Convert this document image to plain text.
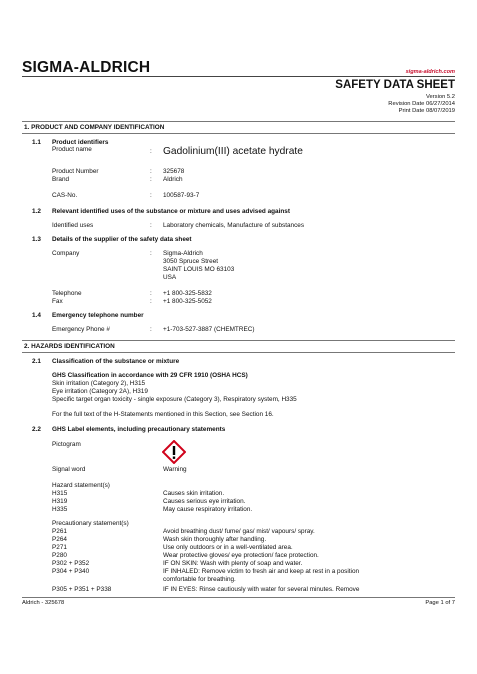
SIGMA-ALDRICH	sigma-aldrich.com
SAFETY DATA SHEET
Version 5.2
Revision Date 06/27/2014
Print Date 08/07/2019
1. PRODUCT AND COMPANY IDENTIFICATION
1.1 Product identifiers
Product name	: Gadolinium(III) acetate hydrate
Product Number	: 325678
Brand	: Aldrich
CAS-No.	: 100587-93-7
1.2 Relevant identified uses of the substance or mixture and uses advised against
Identified uses	: Laboratory chemicals, Manufacture of substances
1.3 Details of the supplier of the safety data sheet
Company	: Sigma-Aldrich
3050 Spruce Street
SAINT LOUIS MO 63103
USA
Telephone	: +1 800-325-5832
Fax	: +1 800-325-5052
1.4 Emergency telephone number
Emergency Phone #	: +1-703-527-3887 (CHEMTREC)
2. HAZARDS IDENTIFICATION
2.1 Classification of the substance or mixture
GHS Classification in accordance with 29 CFR 1910 (OSHA HCS)
Skin irritation (Category 2), H315
Eye irritation (Category 2A), H319
Specific target organ toxicity - single exposure (Category 3), Respiratory system, H335
For the full text of the H-Statements mentioned in this Section, see Section 16.
2.2 GHS Label elements, including precautionary statements
Pictogram
Signal word	Warning
Hazard statement(s)
H315	Causes skin irritation.
H319	Causes serious eye irritation.
H335	May cause respiratory irritation.
Precautionary statement(s)
P261	Avoid breathing dust/ fume/ gas/ mist/ vapours/ spray.
P264	Wash skin thoroughly after handling.
P271	Use only outdoors or in a well-ventilated area.
P280	Wear protective gloves/ eye protection/ face protection.
P302 + P352	IF ON SKIN: Wash with plenty of soap and water.
P304 + P340	IF INHALED: Remove victim to fresh air and keep at rest in a position
comfortable for breathing.
P305 + P351 + P338	IF IN EYES: Rinse cautiously with water for several minutes. Remove
Aldrich - 325678	Page 1 of 7
